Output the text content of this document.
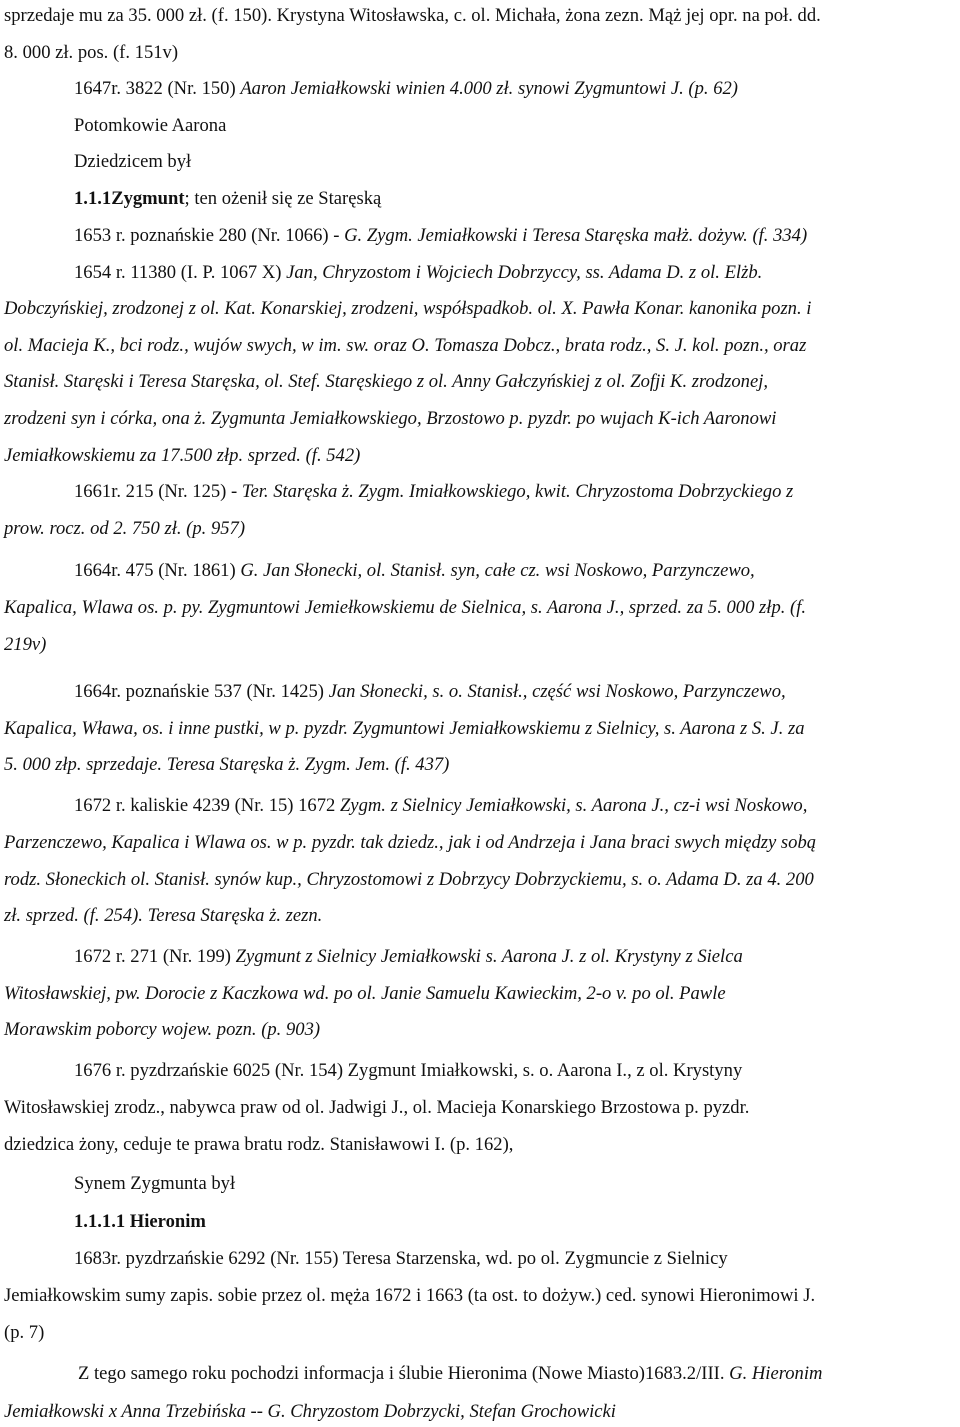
sprzedaje mu za 35. 000 zł. (f. 150). Krystyna Witosławska, c. ol. Michała, żona zezn. Mąż jej opr. na poł. dd.
8. 000 zł. pos. (f. 151v)
1647r. 3822 (Nr. 150) Aaron Jemiałkowski winien 4.000 zł. synowi Zygmuntowi J. (p. 62)
Potomkowie Aarona
Dziedzicem był
1.1.1Zygmunt; ten ożenił się ze Staręską
1653 r. poznańskie 280 (Nr. 1066) - G. Zygm. Jemiałkowski i Teresa Staręska małż. dożyw. (f. 334)
1654 r. 11380 (I. P. 1067 X) Jan, Chryzostom i Wojciech Dobrzyccy, ss. Adama D. z ol. Elżb.
Dobczyńskiej, zrodzonej z ol. Kat. Konarskiej, zrodzeni, współspadkob. ol. X. Pawła Konar. kanonika pozn. i
ol. Macieja K., bci rodz., wujów swych, w im. sw. oraz O. Tomasza Dobcz., brata rodz., S. J. kol. pozn., oraz
Stanisł. Staręski i Teresa Staręska, ol. Stef. Staręskiego z ol. Anny Gałczyńskiej z ol. Zofji K. zrodzonej,
zrodzeni syn i córka, ona ż. Zygmunta Jemiałkowskiego, Brzostowo p. pyzdr. po wujach K-ich Aaronowi
Jemiałkowskiemu za 17.500 złp. sprzed. (f. 542)
1661r. 215 (Nr. 125) - Ter. Staręska ż. Zygm. Imiałkowskiego, kwit. Chryzostoma Dobrzyckiego z
prow. rocz. od 2. 750 zł. (p. 957)
1664r. 475 (Nr. 1861) G. Jan Słonecki, ol. Stanisł. syn, całe cz. wsi Noskowo, Parzynczewo,
Kapalica, Wlawa os. p. py. Zygmuntowi Jemiełkowskiemu de Sielnica, s. Aarona J., sprzed. za 5. 000 złp. (f.
219v)
1664r. poznańskie 537 (Nr. 1425) Jan Słonecki, s. o. Stanisł., część wsi Noskowo, Parzynczewo,
Kapalica, Wława, os. i inne pustki, w p. pyzdr. Zygmuntowi Jemiałkowskiemu z Sielnicy, s. Aarona z S. J. za
5. 000 złp. sprzedaje. Teresa Staręska ż. Zygm. Jem. (f. 437)
1672 r. kaliskie 4239 (Nr. 15) 1672 Zygm. z Sielnicy Jemiałkowski, s. Aarona J., cz-i wsi Noskowo,
Parzenczewo, Kapalica i Wlawa os. w p. pyzdr. tak dziedz., jak i od Andrzeja i Jana braci swych między sobą
rodz. Słoneckich ol. Stanisł. synów kup., Chryzostomowi z Dobrzycy Dobrzyckiemu, s. o. Adama D. za 4. 200
zł. sprzed. (f. 254). Teresa Staręska ż. zezn.
1672 r. 271 (Nr. 199) Zygmunt z Sielnicy Jemiałkowski s. Aarona J. z ol. Krystyny z Sielca
Witosławskiej, pw. Dorocie z Kaczkowa wd. po ol. Janie Samuelu Kawieckim, 2-o v. po ol. Pawle
Morawskim poborcy wojew. pozn. (p. 903)
1676 r. pyzdrzańskie 6025 (Nr. 154) Zygmunt Imiałkowski, s. o. Aarona I., z ol. Krystyny
Witosławskiej zrodz., nabywca praw od ol. Jadwigi J., ol. Macieja Konarskiego Brzostowa p. pyzdr.
dziedzica żony, ceduje te prawa bratu rodz. Stanisławowi I. (p. 162),
Synem Zygmunta był
1.1.1.1 Hieronim
1683r. pyzdrzańskie 6292 (Nr. 155) Teresa Starzenska, wd. po ol. Zygmuncie z Sielnicy
Jemiałkowskim sumy zapis. sobie przez ol. męża 1672 i 1663 (ta ost. to dożyw.) ced. synowi Hieronimowi J.
(p. 7)
Z tego samego roku pochodzi informacja i ślubie Hieronima (Nowe Miasto)1683.2/III. G. Hieronim
Jemiałkowski x Anna Trzebińska -- G. Chryzostom Dobrzycki, Stefan Grochowicki
